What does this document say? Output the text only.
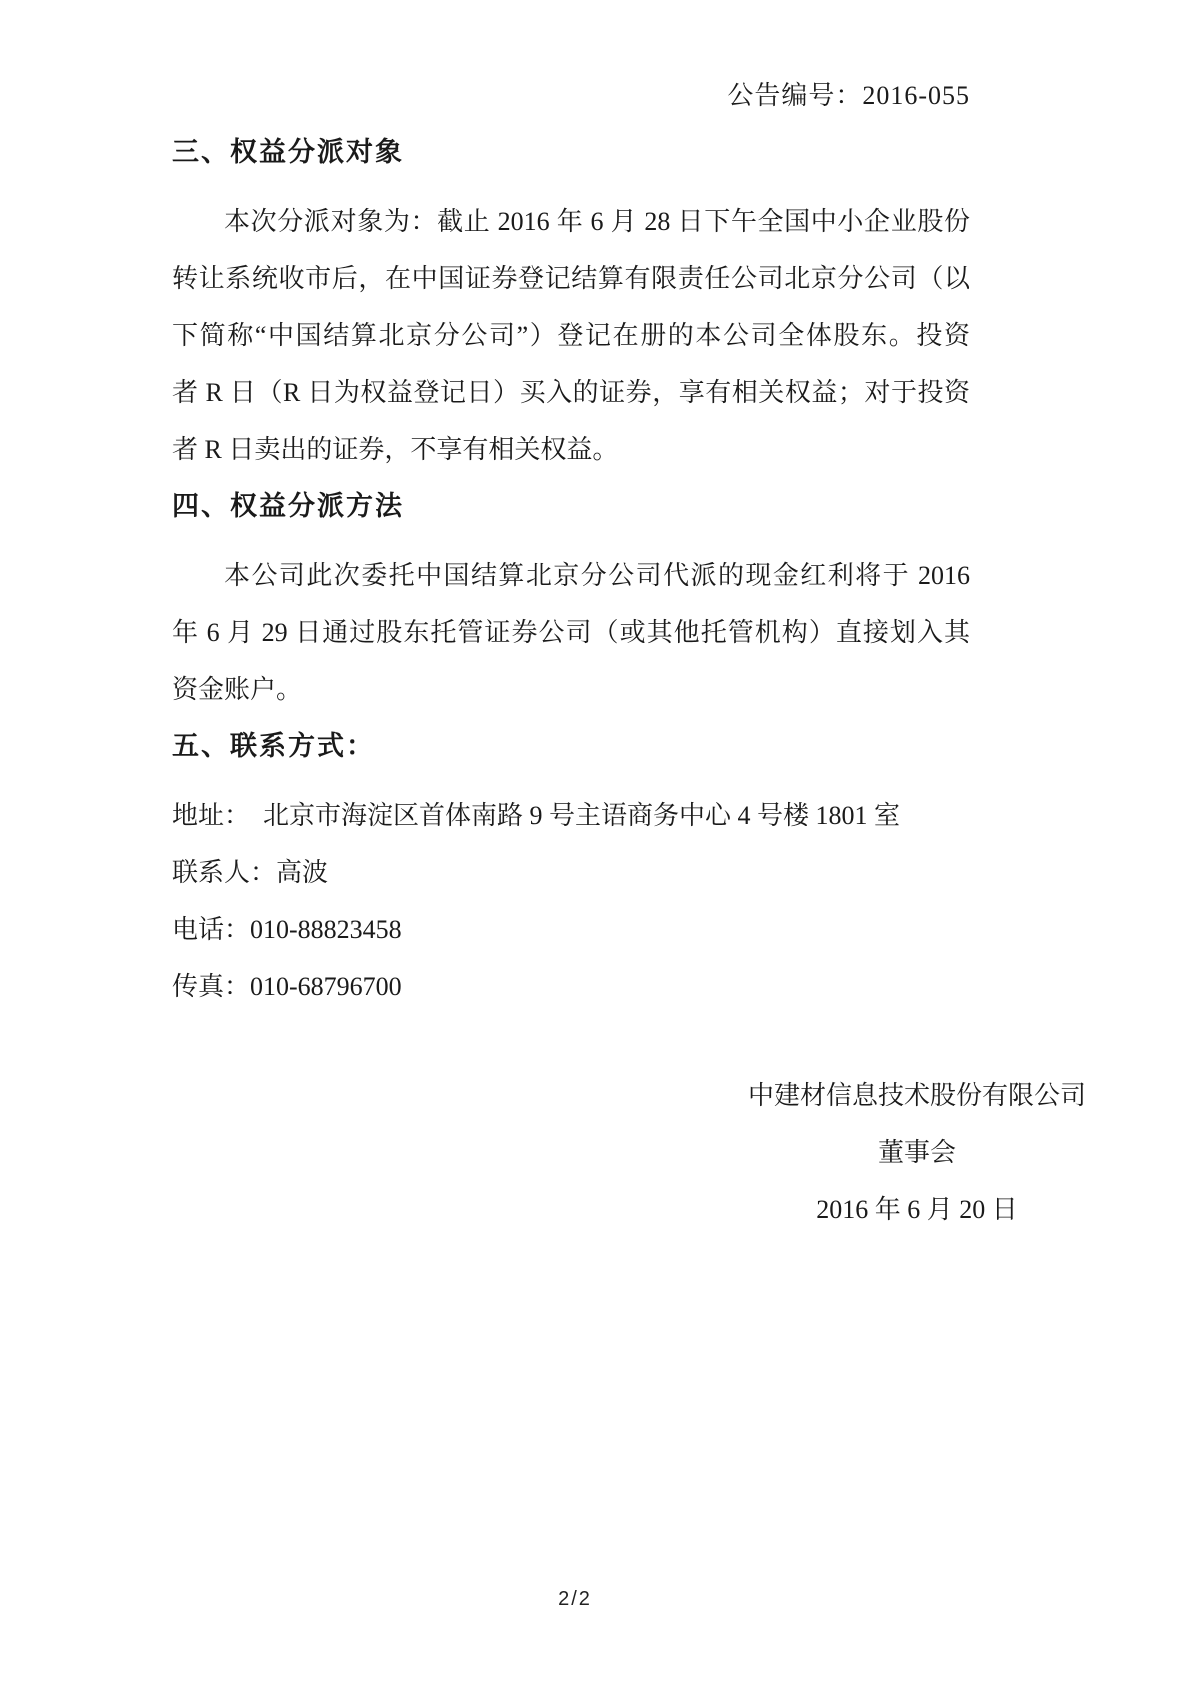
公告编号：2016-055
三、权益分派对象
本次分派对象为：截止 2016 年 6 月 28 日下午全国中小企业股份
转让系统收市后，在中国证券登记结算有限责任公司北京分公司（以
下简称“中国结算北京分公司”）登记在册的本公司全体股东。投资
者 R 日（R 日为权益登记日）买入的证券，享有相关权益；对于投资
者 R 日卖出的证券，不享有相关权益。
四、权益分派方法
本公司此次委托中国结算北京分公司代派的现金红利将于 2016
年 6 月 29 日通过股东托管证券公司（或其他托管机构）直接划入其
资金账户。
五、联系方式：
地址：  北京市海淀区首体南路 9 号主语商务中心 4 号楼 1801 室
联系人：高波
电话：010-88823458
传真：010-68796700
中建材信息技术股份有限公司
董事会
2016 年 6 月 20 日
2/2
